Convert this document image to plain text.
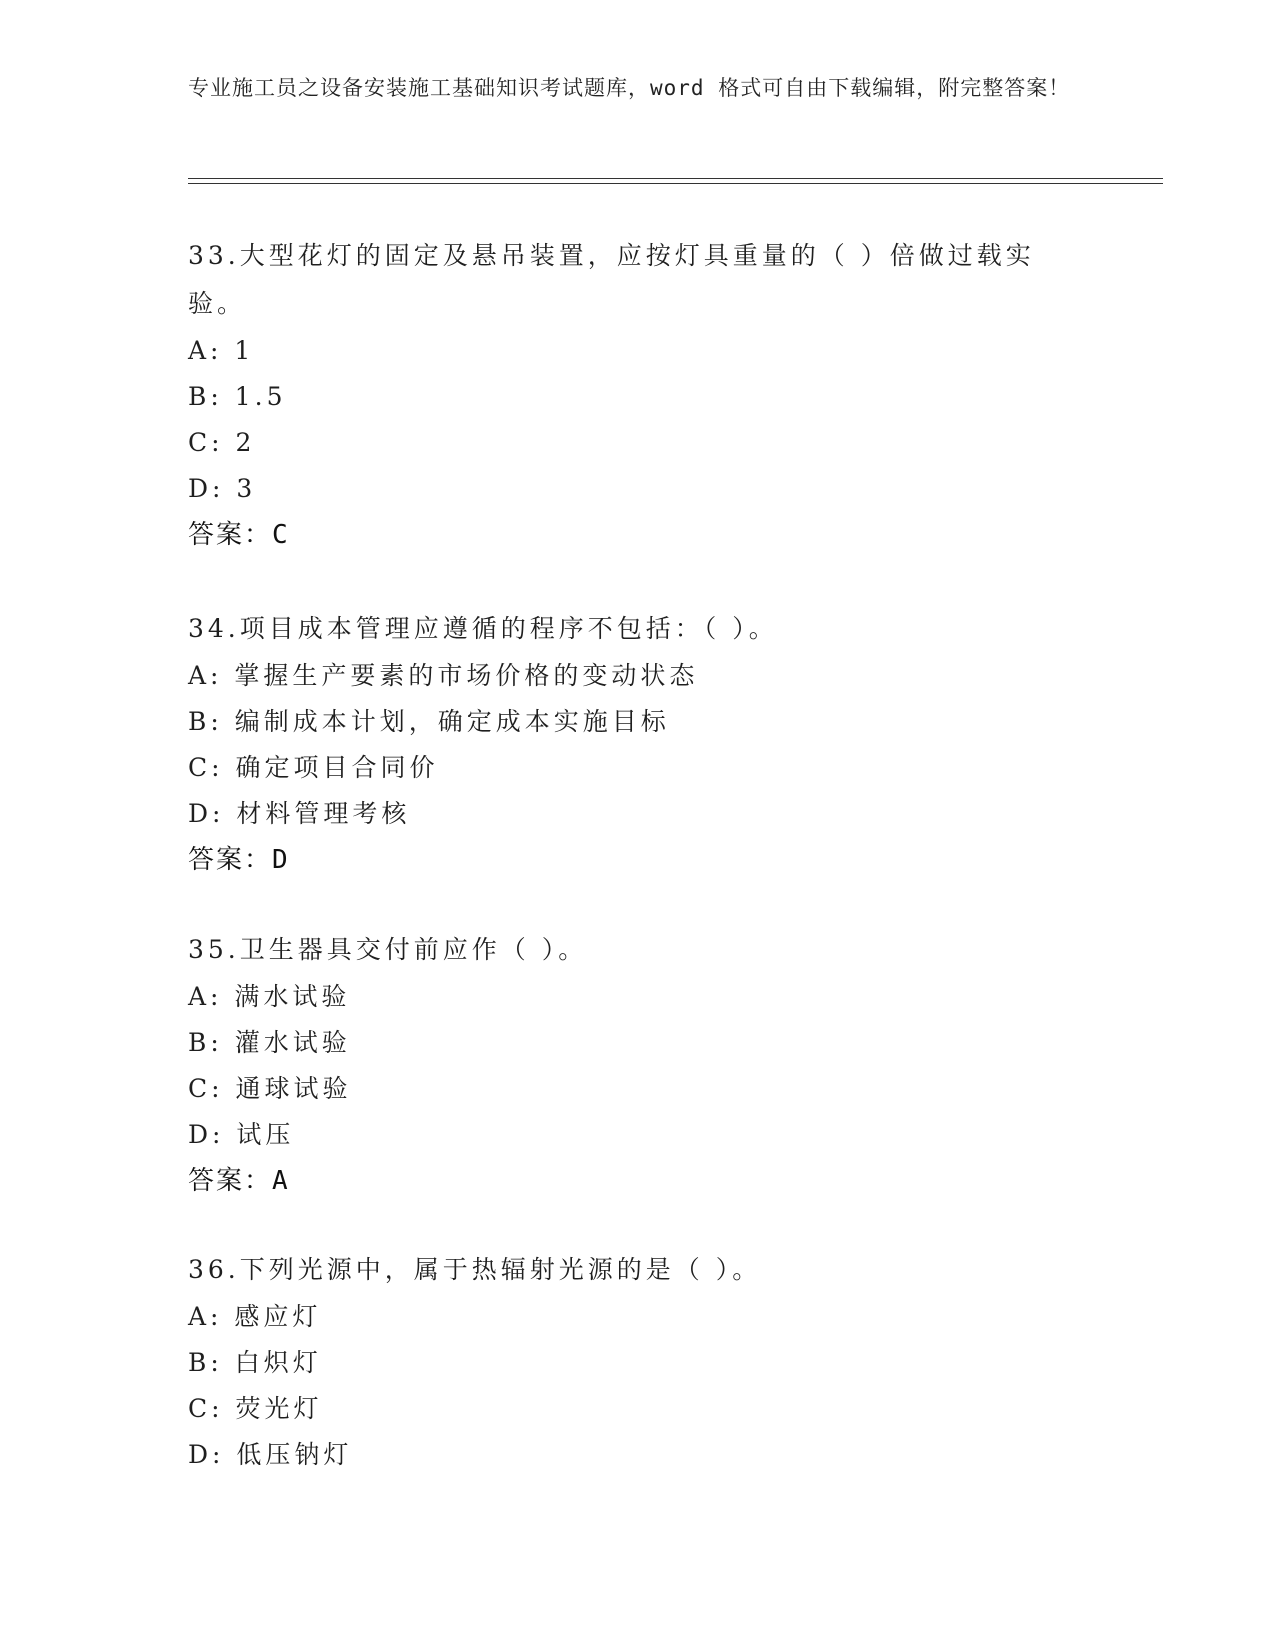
专业施工员之设备安装施工基础知识考试题库，word 格式可自由下载编辑，附完整答案！

33.大型花灯的固定及悬吊装置，应按灯具重量的（ ）倍做过载实验。

A: 1
B: 1.5
C: 2
D: 3
答案：C

34.项目成本管理应遵循的程序不包括：（ ）。

A: 掌握生产要素的市场价格的变动状态
B: 编制成本计划，确定成本实施目标
C: 确定项目合同价
D: 材料管理考核
答案：D

35.卫生器具交付前应作（ ）。

A: 满水试验
B: 灌水试验
C: 通球试验
D: 试压
答案：A

36.下列光源中，属于热辐射光源的是（ ）。

A: 感应灯
B: 白炽灯
C: 荧光灯
D: 低压钠灯
